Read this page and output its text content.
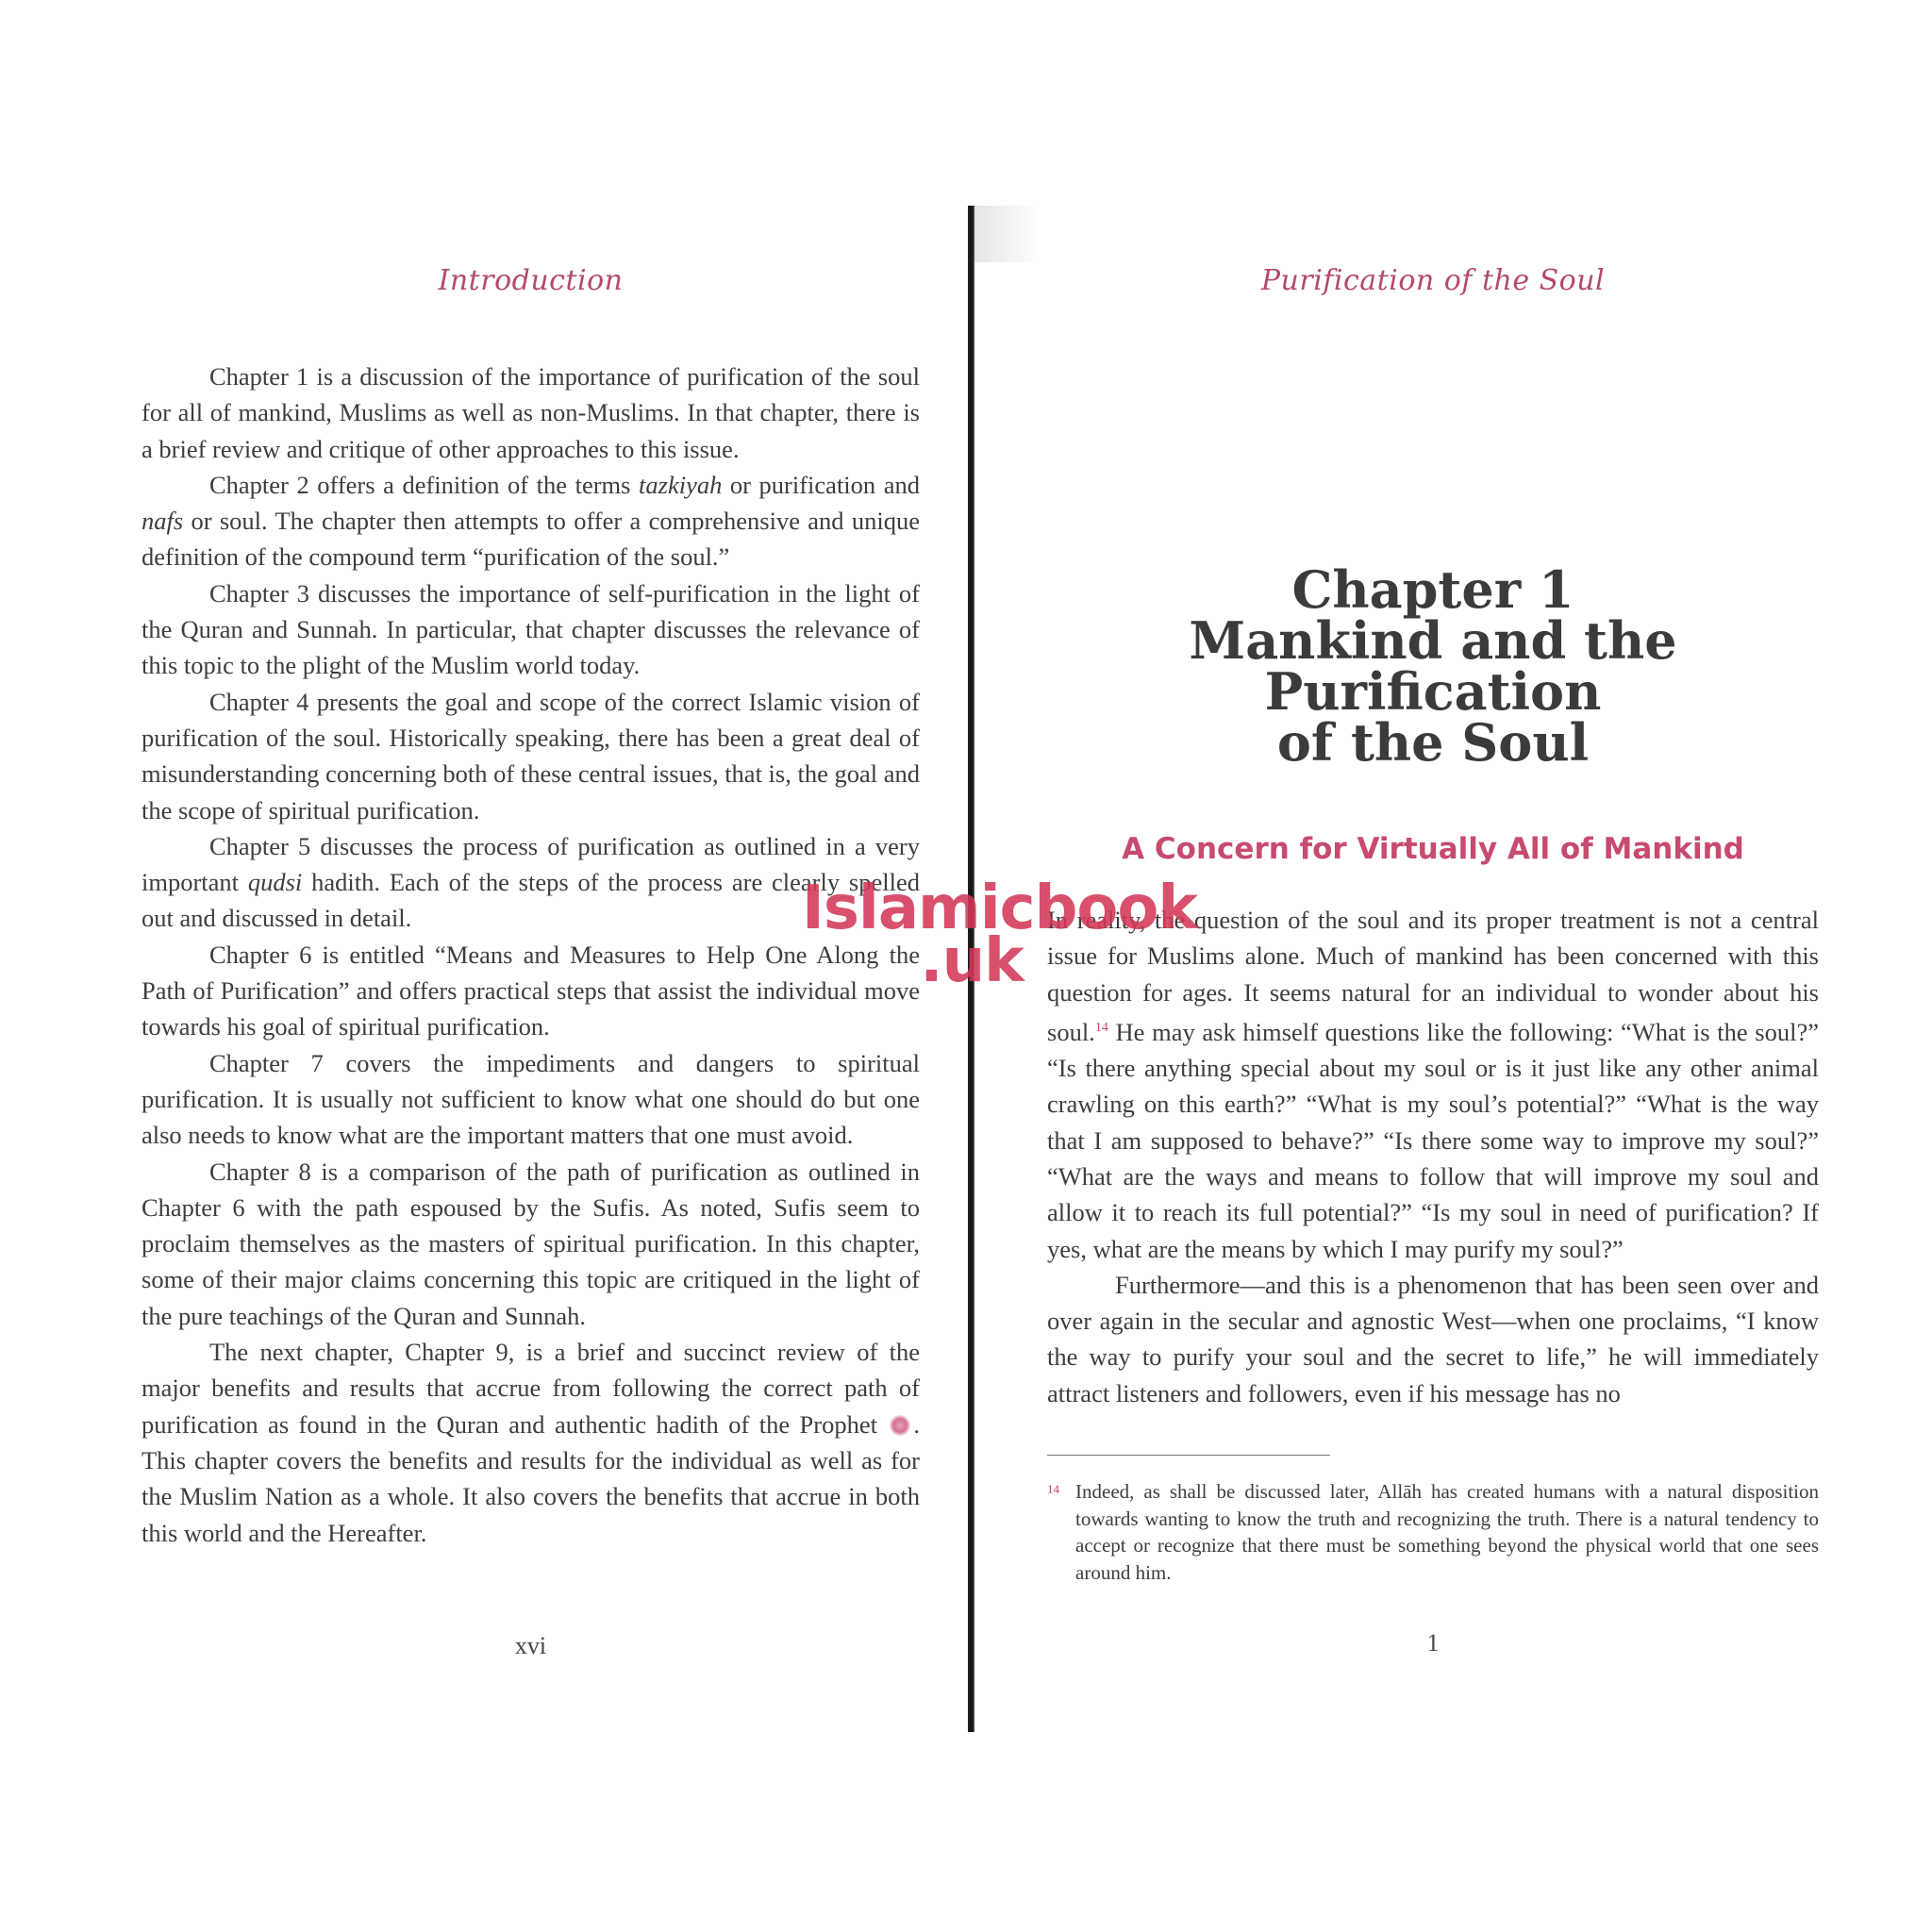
Introduction

Chapter 1 is a discussion of the importance of purification of the soul for all of mankind, Muslims as well as non-Muslims. In that chapter, there is a brief review and critique of other approaches to this issue.

Chapter 2 offers a definition of the terms tazkiyah or purification and nafs or soul. The chapter then attempts to offer a comprehensive and unique definition of the compound term “purification of the soul.”

Chapter 3 discusses the importance of self-purification in the light of the Quran and Sunnah. In particular, that chapter discusses the relevance of this topic to the plight of the Muslim world today.

Chapter 4 presents the goal and scope of the correct Islamic vision of purification of the soul. Historically speaking, there has been a great deal of misunderstanding concerning both of these central issues, that is, the goal and the scope of spiritual purification.

Chapter 5 discusses the process of purification as outlined in a very important qudsi hadith. Each of the steps of the process are clearly spelled out and discussed in detail.

Chapter 6 is entitled “Means and Measures to Help One Along the Path of Purification” and offers practical steps that assist the individual move towards his goal of spiritual purification.

Chapter 7 covers the impediments and dangers to spiritual purification. It is usually not sufficient to know what one should do but one also needs to know what are the important matters that one must avoid.

Chapter 8 is a comparison of the path of purification as outlined in Chapter 6 with the path espoused by the Sufis. As noted, Sufis seem to proclaim themselves as the masters of spiritual purification. In this chapter, some of their major claims concerning this topic are critiqued in the light of the pure teachings of the Quran and Sunnah.

The next chapter, Chapter 9, is a brief and succinct review of the major benefits and results that accrue from following the correct path of purification as found in the Quran and authentic hadith of the Prophet . This chapter covers the benefits and results for the individual as well as for the Muslim Nation as a whole. It also covers the benefits that accrue in both this world and the Hereafter.

xvi
Purification of the Soul
Chapter 1
Mankind and the Purification
of the Soul
A Concern for Virtually All of Mankind

In reality, the question of the soul and its proper treatment is not a central issue for Muslims alone. Much of mankind has been concerned with this question for ages. It seems natural for an individual to wonder about his soul.$^{14}$ He may ask himself questions like the following: “What is the soul?” “Is there anything special about my soul or is it just like any other animal crawling on this earth?” “What is my soul’s potential?” “What is the way that I am supposed to behave?” “Is there some way to improve my soul?” “What are the ways and means to follow that will improve my soul and allow it to reach its full potential?” “Is my soul in need of purification? If yes, what are the means by which I may purify my soul?”

Furthermore—and this is a phenomenon that has been seen over and over again in the secular and agnostic West—when one proclaims, “I know the way to purify your soul and the secret to life,” he will immediately attract listeners and followers, even if his message has no

14 Indeed, as shall be discussed later, Allāh has created humans with a natural disposition towards wanting to know the truth and recognizing the truth. There is a natural tendency to accept or recognize that there must be something beyond the physical world that one sees around him.
1
Islamicbook
.uk
